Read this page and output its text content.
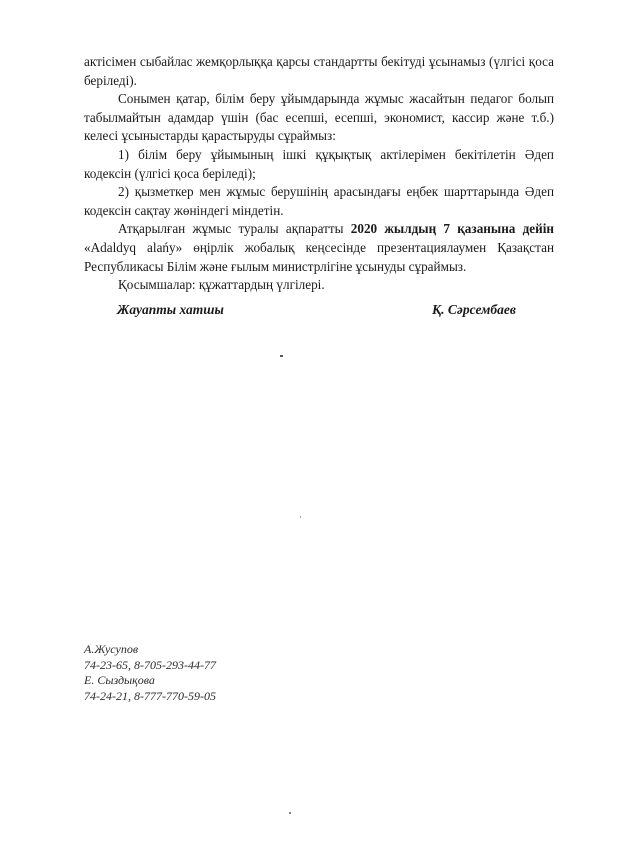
актісімен сыбайлас жемқорлыққа қарсы стандартты бекітуді ұсынамыз (үлгісі қоса беріледі).

Сонымен қатар, білім беру ұйымдарында жұмыс жасайтын педагог болып табылмайтын адамдар үшін (бас есепші, есепші, экономист, кассир және т.б.) келесі ұсыныстарды қарастыруды сұраймыз:

1) білім беру ұйымының ішкі құқықтық актілерімен бекітілетін Әдеп кодексін (үлгісі қоса беріледі);

2) қызметкер мен жұмыс берушінің арасындағы еңбек шарттарында Әдеп кодексін сақтау жөніндегі міндетін.

Атқарылған жұмыс туралы ақпаратты 2020 жылдың 7 қазанына дейін «Adaldyq alańy» өңірлік жобалық кеңсесінде презентациялаумен Қазақстан Республикасы Білім және ғылым министрлігіне ұсынуды сұраймыз.

Қосымшалар: құжаттардың үлгілері.

Жауапты хатшы	Қ. Сәрсембаев
А.Жусупов
74-23-65, 8-705-293-44-77
Е. Сыздықова
74-24-21, 8-777-770-59-05
